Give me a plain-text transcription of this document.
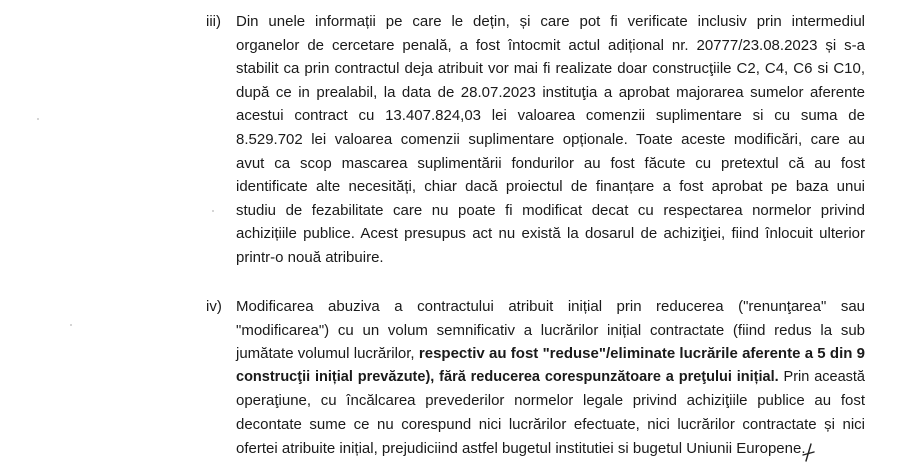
iii)	Din unele informații pe care le dețin, și care pot fi verificate inclusiv prin intermediul
organelor de cercetare penală, a fost întocmit actul adițional nr. 20777/23.08.2023 și s-a
stabilit ca prin contractul deja atribuit vor mai fi realizate doar construcţiile C2, C4, C6 si C10,
după ce in prealabil, la data de 28.07.2023 instituţia a aprobat majorarea sumelor aferente
acestui contract cu 13.407.824,03 lei valoarea comenzii suplimentare si cu suma de
8.529.702 lei valoarea comenzii suplimentare opționale. Toate aceste modificări, care au
avut ca scop mascarea suplimentării fondurilor au fost făcute cu pretextul că au fost
identificate alte necesități, chiar dacă proiectul de finanțare a fost aprobat pe baza unui
studiu de fezabilitate care nu poate fi modificat decat cu respectarea normelor privind
achizițiile publice. Acest presupus act nu există la dosarul de achiziţiei, fiind înlocuit ulterior
printr-o nouă atribuire.
iv) Modificarea abuziva a contractului atribuit inițial prin reducerea ("renunţarea" sau
"modificarea") cu un volum semnificativ a lucrărilor inițial contractate (fiind redus la sub
jumătate volumul lucrărilor, respectiv au fost "reduse"/eliminate lucrările aferente a 5 din 9
construcţii inițial prevăzute), fără reducerea corespunzătoare a preţului inițial. Prin această
operaţiune, cu încălcarea prevederilor normelor legale privind achiziţiile publice au fost
decontate sume ce nu corespund nici lucrărilor efectuate, nici lucrărilor contractate și nici
ofertei atribuite inițial, prejudiciind astfel bugetul institutiei si bugetul Uniunii Europene.
